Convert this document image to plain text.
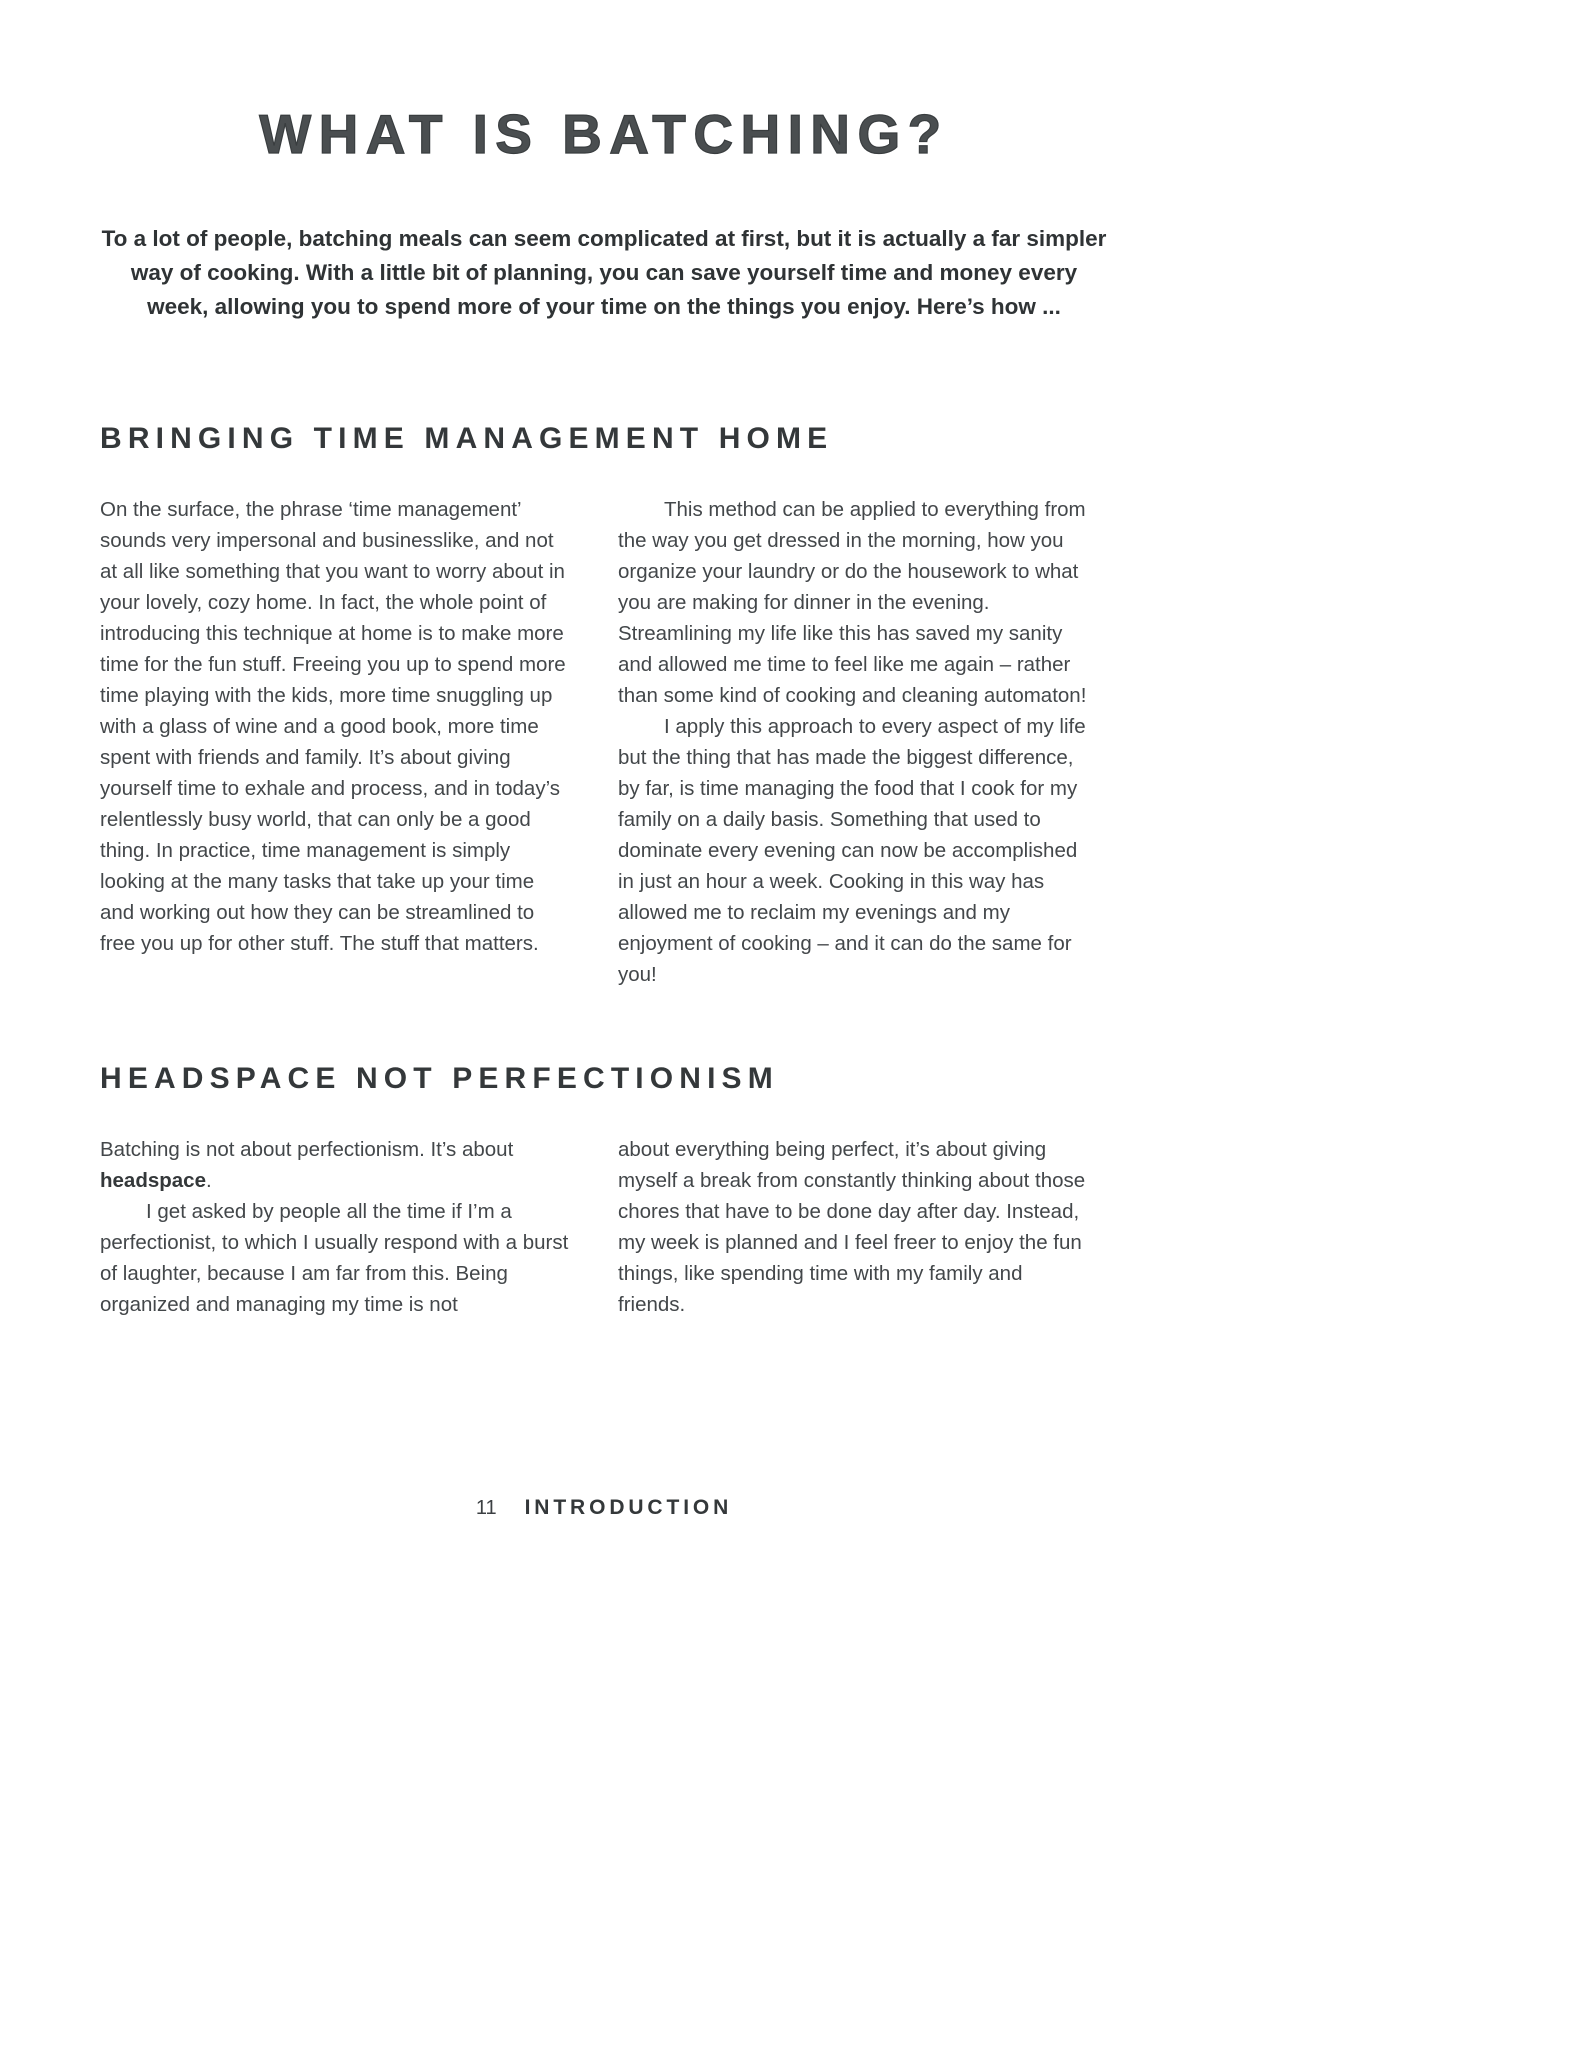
WHAT IS BATCHING?

To a lot of people, batching meals can seem complicated at first, but it is actually a far simpler way of cooking. With a little bit of planning, you can save yourself time and money every week, allowing you to spend more of your time on the things you enjoy. Here’s how ...

BRINGING TIME MANAGEMENT HOME

On the surface, the phrase ‘time management’ sounds very impersonal and businesslike, and not at all like something that you want to worry about in your lovely, cozy home. In fact, the whole point of introducing this technique at home is to make more time for the fun stuff. Freeing you up to spend more time playing with the kids, more time snuggling up with a glass of wine and a good book, more time spent with friends and family. It’s about giving yourself time to exhale and process, and in today’s relentlessly busy world, that can only be a good thing. In practice, time management is simply looking at the many tasks that take up your time and working out how they can be streamlined to free you up for other stuff. The stuff that matters.

This method can be applied to everything from the way you get dressed in the morning, how you organize your laundry or do the housework to what you are making for dinner in the evening. Streamlining my life like this has saved my sanity and allowed me time to feel like me again – rather than some kind of cooking and cleaning automaton!

I apply this approach to every aspect of my life but the thing that has made the biggest difference, by far, is time managing the food that I cook for my family on a daily basis. Something that used to dominate every evening can now be accomplished in just an hour a week. Cooking in this way has allowed me to reclaim my evenings and my enjoyment of cooking – and it can do the same for you!

HEADSPACE NOT PERFECTIONISM

Batching is not about perfectionism. It’s about headspace.

I get asked by people all the time if I’m a perfectionist, to which I usually respond with a burst of laughter, because I am far from this. Being organized and managing my time is not

about everything being perfect, it’s about giving myself a break from constantly thinking about those chores that have to be done day after day. Instead, my week is planned and I feel freer to enjoy the fun things, like spending time with my family and friends.

11 INTRODUCTION
